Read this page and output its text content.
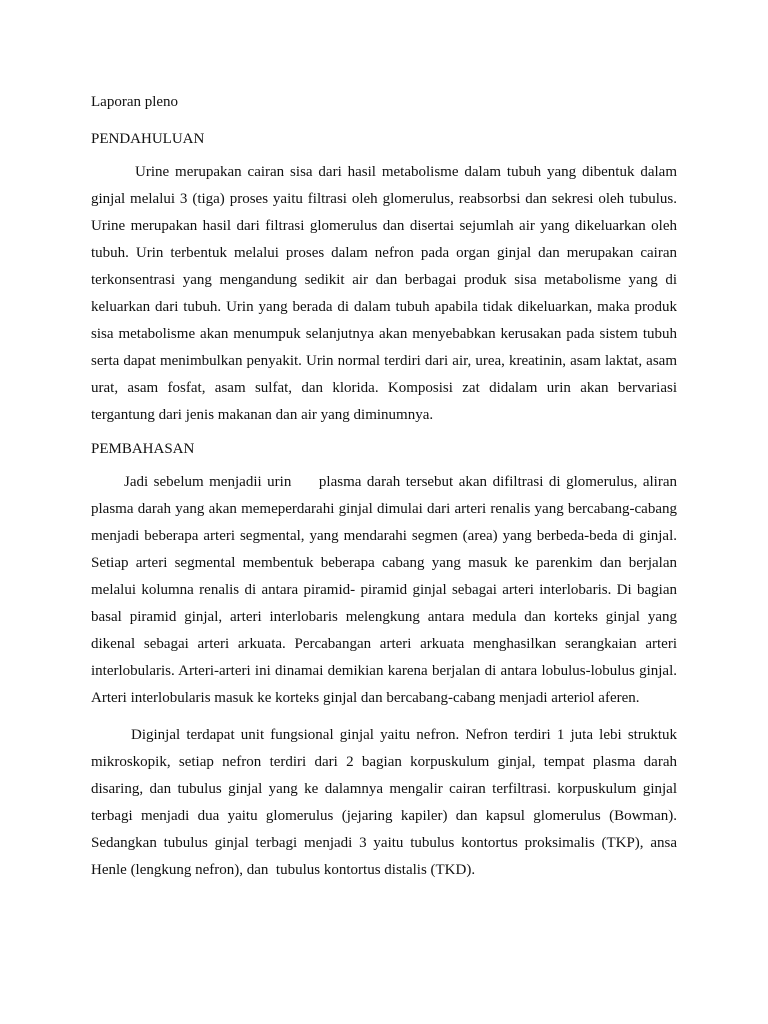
Laporan pleno

PENDAHULUAN

Urine merupakan cairan sisa dari hasil metabolisme dalam tubuh yang dibentuk dalam ginjal melalui 3 (tiga) proses yaitu filtrasi oleh glomerulus, reabsorbsi dan sekresi oleh tubulus. Urine merupakan hasil dari filtrasi glomerulus dan disertai sejumlah air yang dikeluarkan oleh tubuh. Urin terbentuk melalui proses dalam nefron pada organ ginjal dan merupakan cairan terkonsentrasi yang mengandung sedikit air dan berbagai produk sisa metabolisme yang di keluarkan dari tubuh. Urin yang berada di dalam tubuh apabila tidak dikeluarkan, maka produk sisa metabolisme akan menumpuk selanjutnya akan menyebabkan kerusakan pada sistem tubuh serta dapat menimbulkan penyakit. Urin normal terdiri dari air, urea, kreatinin, asam laktat, asam urat, asam fosfat, asam sulfat, dan klorida. Komposisi zat didalam urin akan bervariasi tergantung dari jenis makanan dan air yang diminumnya.

PEMBAHASAN

Jadi sebelum menjadii urin     plasma darah tersebut akan difiltrasi di glomerulus, aliran plasma darah yang akan memeperdarahi ginjal dimulai dari arteri renalis yang bercabang-cabang menjadi beberapa arteri segmental, yang mendarahi segmen (area) yang berbeda-beda di ginjal. Setiap arteri segmental membentuk beberapa cabang yang masuk ke parenkim dan berjalan melalui kolumna renalis di antara piramid- piramid ginjal sebagai arteri interlobaris. Di bagian basal piramid ginjal, arteri interlobaris melengkung antara medula dan korteks ginjal yang dikenal sebagai arteri arkuata. Percabangan arteri arkuata menghasilkan serangkaian arteri interlobularis. Arteri-arteri ini dinamai demikian karena berjalan di antara lobulus-lobulus ginjal. Arteri interlobularis masuk ke korteks ginjal dan bercabang-cabang menjadi arteriol aferen.

Diginjal terdapat unit fungsional ginjal yaitu nefron. Nefron terdiri 1 juta lebi struktuk mikroskopik, setiap nefron terdiri dari 2 bagian korpuskulum ginjal, tempat plasma darah disaring, dan tubulus ginjal yang ke dalamnya mengalir cairan terfiltrasi. korpuskulum ginjal terbagi menjadi dua yaitu glomerulus (jejaring kapiler) dan kapsul glomerulus (Bowman). Sedangkan tubulus ginjal terbagi menjadi 3 yaitu tubulus kontortus proksimalis (TKP), ansa Henle (lengkung nefron), dan  tubulus kontortus distalis (TKD).
